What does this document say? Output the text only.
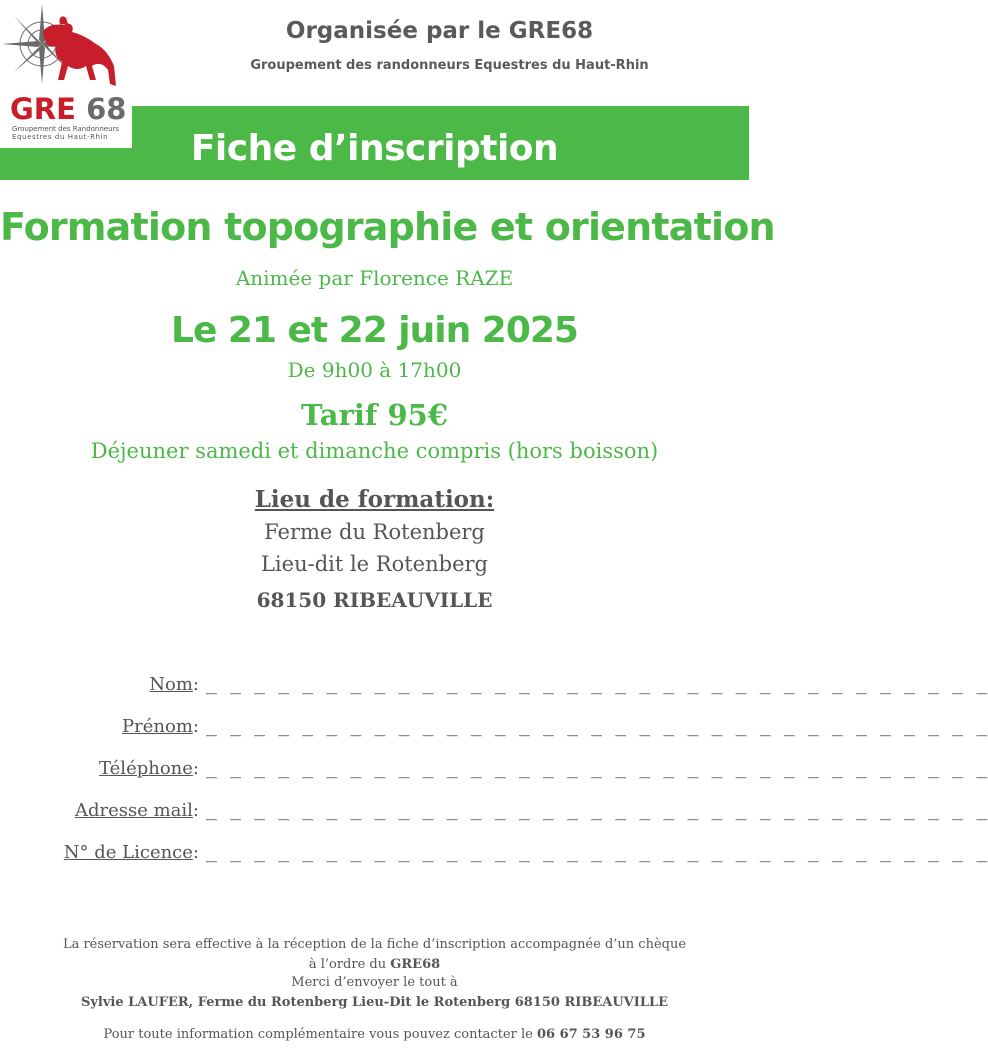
GRE 68
Groupement des Randonneurs
Equestres du Haut-Rhin
Organisée par le GRE68
Groupement des randonneurs Equestres du Haut-Rhin
Fiche d’inscription
Formation topographie et orientation
Animée par Florence RAZE
Le 21 et 22 juin 2025
De 9h00 à 17h00
Tarif 95€
Déjeuner samedi et dimanche compris (hors boisson)
Lieu de formation:
Ferme du Rotenberg
Lieu-dit le Rotenberg
68150 RIBEAUVILLE
Nom: _ _ _ _ _ _ _ _ _ _ _ _ _ _ _ _ _ _ _ _ _ _ _ _ _ _ _ _ _ _ _ _ _
Prénom: _ _ _ _ _ _ _ _ _ _ _ _ _ _ _ _ _ _ _ _ _ _ _ _ _ _ _ _ _ _ _ _ _
Téléphone: _ _ _ _ _ _ _ _ _ _ _ _ _ _ _ _ _ _ _ _ _ _ _ _ _ _ _ _ _ _ _ _ _
Adresse mail: _ _ _ _ _ _ _ _ _ _ _ _ _ _ _ _ _ _ _ _ _ _ _ _ _ _ _ _ _ _ _ _ _
N° de Licence: _ _ _ _ _ _ _ _ _ _ _ _ _ _ _ _ _ _ _ _ _ _ _ _ _ _ _ _ _ _ _ _ _
La réservation sera effective à la réception de la fiche d’inscription accompagnée d’un chèque
à l’ordre du GRE68
Merci d’envoyer le tout à
Sylvie LAUFER, Ferme du Rotenberg Lieu-Dit le Rotenberg 68150 RIBEAUVILLE
Pour toute information complémentaire vous pouvez contacter le 06 67 53 96 75
